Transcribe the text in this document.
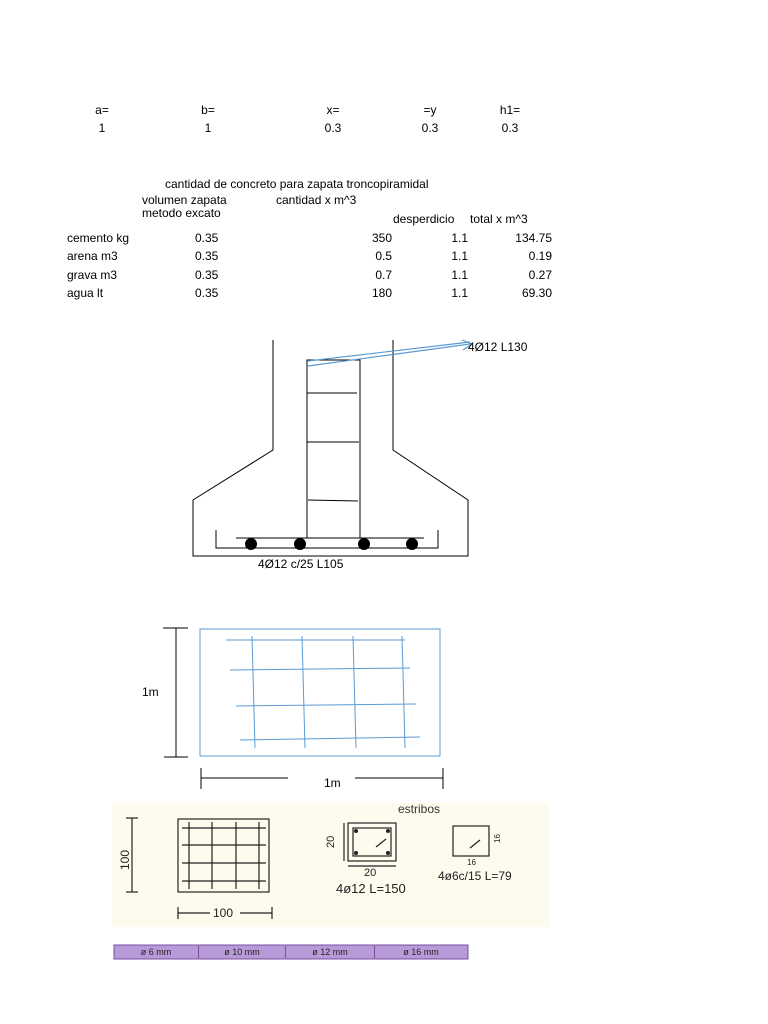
a=	b=	x=	=y	h1=
1	1	0.3	0.3	0.3
cantidad de concreto para zapata troncopiramidal
volumen zapata
metodo excato
cantidad x m^3
desperdicio total x m^3
cemento kg	0.35	350	1.1	134.75
arena m3	0.35	0.5	1.1	0.19
grava m3	0.35	0.7	1.1	0.27
agua lt	0.35	180	1.1	69.30
4Ø12 L130
4Ø12 c/25 L105
1m
1m
estribos
100
100
20
20
4ø12 L=150
16
16
4ø6c/15 L=79
ø 6 mm	ø 10 mm	ø 12 mm	ø 16 mm
